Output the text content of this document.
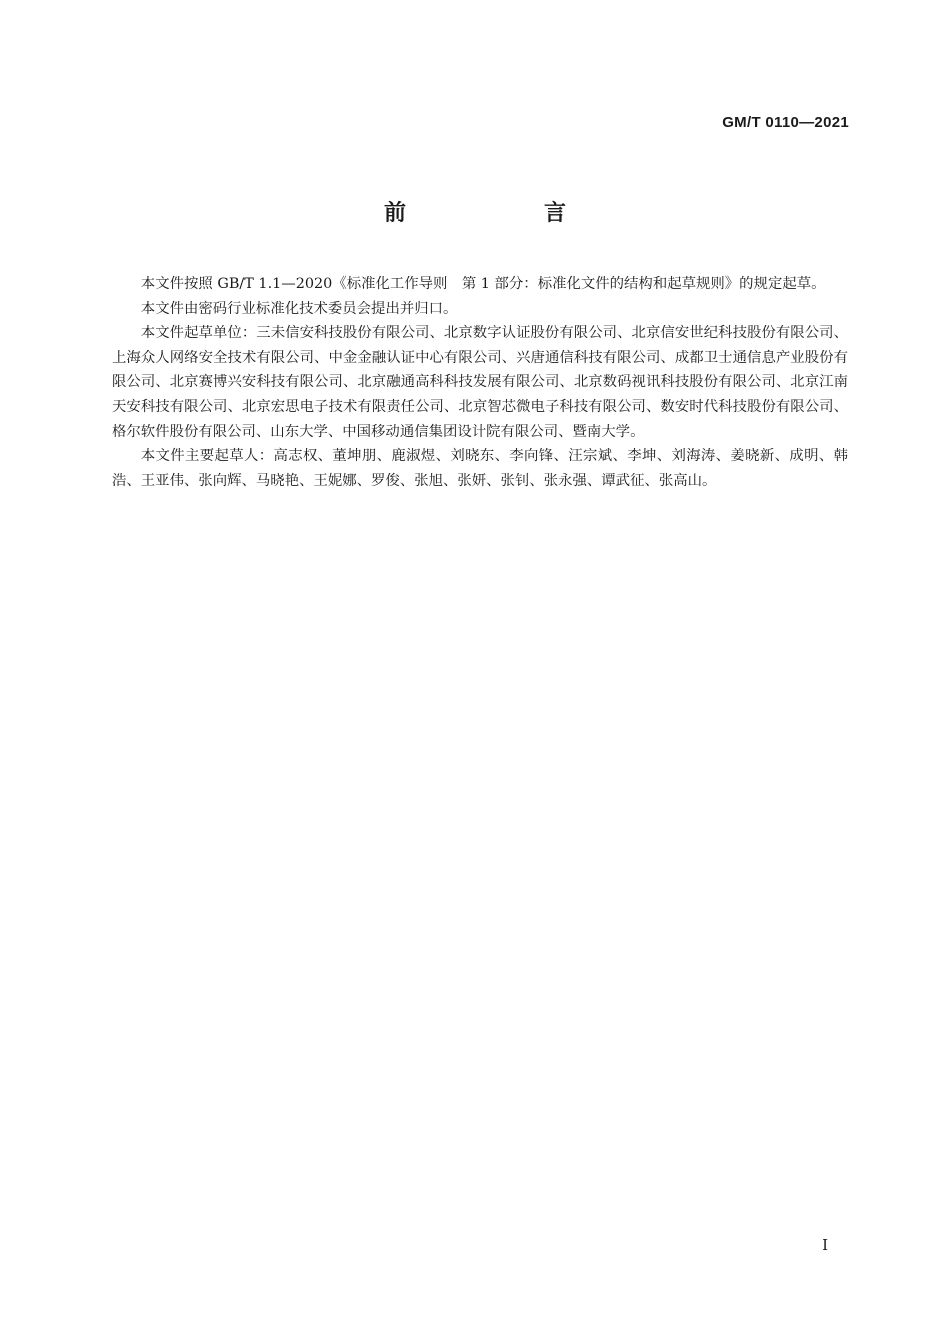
GM/T 0110—2021
前　言

本文件按照 GB/T 1.1—2020《标准化工作导则　第 1 部分：标准化文件的结构和起草规则》的规定起草。

本文件由密码行业标准化技术委员会提出并归口。

本文件起草单位：三未信安科技股份有限公司、北京数字认证股份有限公司、北京信安世纪科技股份有限公司、上海众人网络安全技术有限公司、中金金融认证中心有限公司、兴唐通信科技有限公司、成都卫士通信息产业股份有限公司、北京赛博兴安科技有限公司、北京融通高科科技发展有限公司、北京数码视讯科技股份有限公司、北京江南天安科技有限公司、北京宏思电子技术有限责任公司、北京智芯微电子科技有限公司、数安时代科技股份有限公司、格尔软件股份有限公司、山东大学、中国移动通信集团设计院有限公司、暨南大学。

本文件主要起草人：高志权、董坤朋、鹿淑煜、刘晓东、李向锋、汪宗斌、李坤、刘海涛、姜晓新、成明、韩浩、王亚伟、张向辉、马晓艳、王妮娜、罗俊、张旭、张妍、张钊、张永强、谭武征、张高山。

I
